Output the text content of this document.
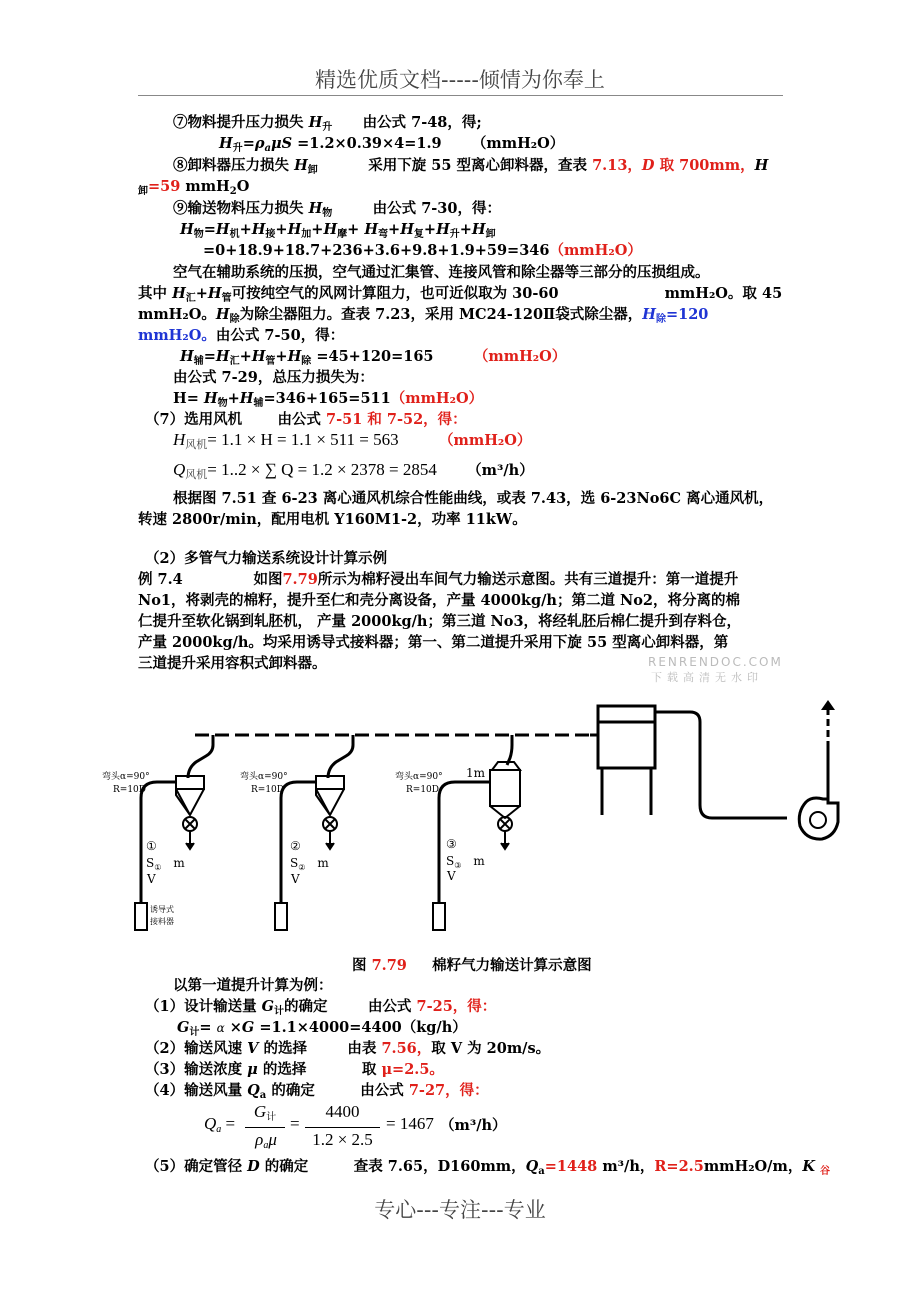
精选优质文档-----倾情为你奉上
⑦物料提升压力损失 $H_升$ 由公式 7-48，得;
$H_升=\rho_a\mu S =1.2\times 0.39\times 4=1.9$ （mmH₂O）
⑧卸料器压力损失 $H_卸$	采用下旋 55 型离心卸料器，查表 7.13，D 取 700mm，H
$_卸$=59 mmH$_2$O
⑨输送物料压力损失 $H_物$	由公式 7-30，得：
$H_物=H_机+H_接+H_加+H_摩+ H_弯+H_复+H_升+H_卸$
=0+18.9+18.7+236+3.6+9.8+1.9+59=346（mmH₂O）
空气在辅助系统的压损，空气通过汇集管、连接风管和除尘器等三部分的压损组成。
其中 $H_汇+H_管$可按纯空气的风网计算阻力，也可近似取为 30-60	mmH₂O。取 45
mmH₂O。$H_除$为除尘器阻力。查表 7.23，采用 MC24-120Ⅱ袋式除尘器，$H_除=120$
mmH₂O。由公式 7-50，得：
$H_辅=H_汇+H_管+H_除 =45+120=165$	（mmH₂O）
由公式 7-29，总压力损失为：
$H= H_物+H_辅=346+165=511(mmH_2O)$
（7）选用风机 由公式 7-51 和 7-52，得：
H风机= 1.1 × H = 1.1 × 511 = 563	（mmH₂O）
Q风机= 1..2 × ∑ Q = 1.2 × 2378 = 2854 （m³/h）
根据图 7.51 查 6-23 离心通风机综合性能曲线，或表 7.43，选 6-23No6C 离心通风机，
转速 2800r/min，配用电机 Y160M1-2，功率 11kW。
（2）多管气力输送系统设计计算示例
例 7.4	如图7.79所示为棉籽浸出车间气力输送示意图。共有三道提升：第一道提升
No1，将剥壳的棉籽，提升至仁和壳分离设备，产量 4000kg/h；第二道 No2，将分离的棉
仁提升至软化锅到轧胚机， 产量 2000kg/h；第三道 No3，将经轧胚后棉仁提升到存料仓，
产量 2000kg/h。均采用诱导式接料器；第一、第二道提升采用下旋 55 型离心卸料器，第
三道提升采用容积式卸料器。	RENRENDOC.COM
下载高清无水印
弯头α=90°
R=10D
弯头α=90°
R=10D
弯头α=90°
R=10D
1m
①
$S_①$ m
V
②
$S_②$ m
V
③
$S_③$ m
V
诱导式
接料器
图 7.79 棉籽气力输送计算示意图
以第一道提升计算为例：
（1）设计输送量 $G_计$的确定	由公式 7-25，得：
$G_计= \alpha \times G =1.1\times 4000=4400(kg/h)$
（2）输送风速 V 的选择	由表 7.56，取 V 为 20m/s。
（3）输送浓度 μ 的选择	取 μ=2.5。
（4）输送风量 $Q_a$ 的确定	由公式 7-27，得：
Qa =
G计
ρaμ
=
4400
1.2 × 2.5
= 1467 （m³/h）
（5）确定管径 D 的确定	查表 7.65，D160mm，$Q_a=1448$ m³/h，R=2.5mmH₂O/m，K $_谷$
专心---专注---专业
